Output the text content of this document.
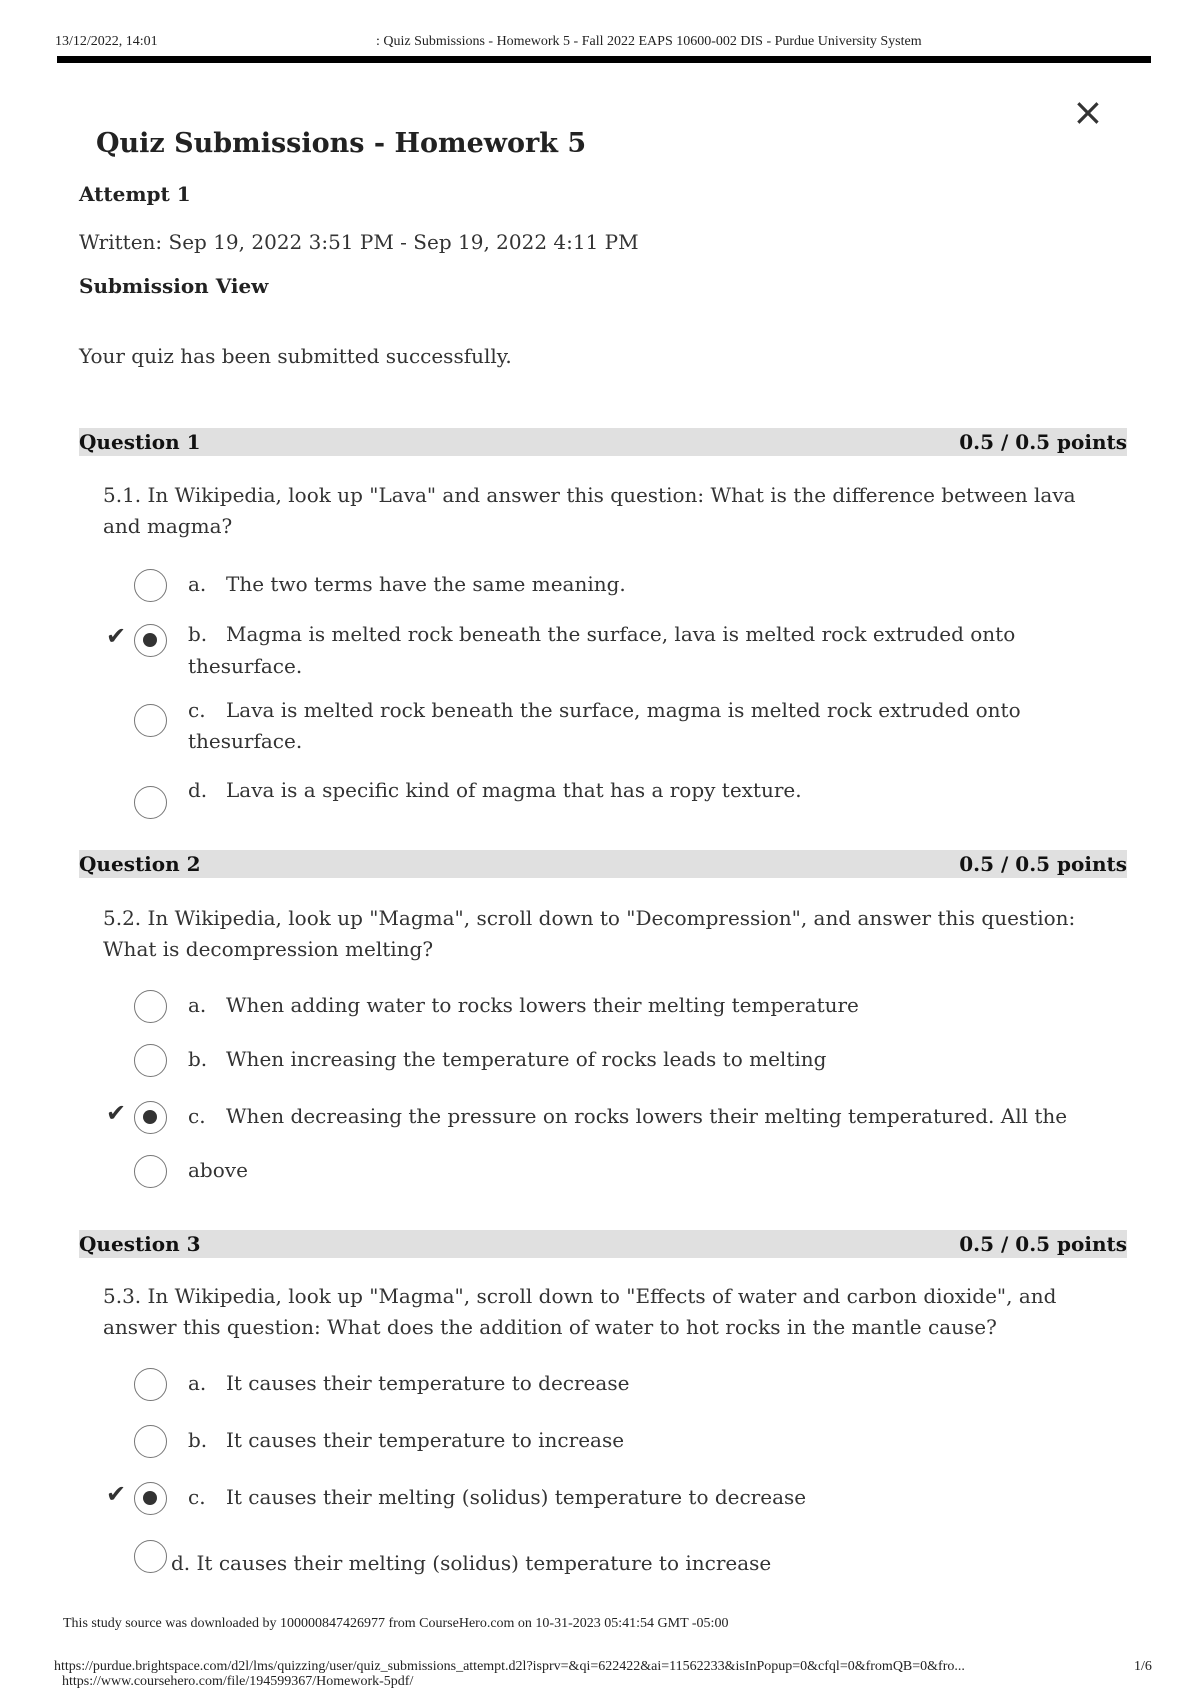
13/12/2022, 14:01	: Quiz Submissions - Homework 5 - Fall 2022 EAPS 10600-002 DIS - Purdue University System
×
Quiz Submissions - Homework 5
Attempt 1
Written: Sep 19, 2022 3:51 PM - Sep 19, 2022 4:11 PM
Submission View
Your quiz has been submitted successfully.
Question 1	0.5 / 0.5 points
5.1. In Wikipedia, look up "Lava" and answer this question: What is the difference between lava and magma?
a. The two terms have the same meaning.
✔	b. Magma is melted rock beneath the surface, lava is melted rock extruded onto
thesurface.
c. Lava is melted rock beneath the surface, magma is melted rock extruded onto
thesurface.
d. Lava is a specific kind of magma that has a ropy texture.
Question 2	0.5 / 0.5 points
5.2. In Wikipedia, look up "Magma", scroll down to "Decompression", and answer this question: What is decompression melting?
a. When adding water to rocks lowers their melting temperature
b. When increasing the temperature of rocks leads to melting
✔	c. When decreasing the pressure on rocks lowers their melting temperatured. All the
above
Question 3	0.5 / 0.5 points
5.3. In Wikipedia, look up "Magma", scroll down to "Effects of water and carbon dioxide", and answer this question: What does the addition of water to hot rocks in the mantle cause?
a. It causes their temperature to decrease
b. It causes their temperature to increase
✔	c. It causes their melting (solidus) temperature to decrease
d. It causes their melting (solidus) temperature to increase
This study source was downloaded by 100000847426977 from CourseHero.com on 10-31-2023 05:41:54 GMT -05:00
https://purdue.brightspace.com/d2l/lms/quizzing/user/quiz_submissions_attempt.d2l?isprv=&qi=622422&ai=11562233&isInPopup=0&cfql=0&fromQB=0&fro...	1/6
https://www.coursehero.com/file/194599367/Homework-5pdf/
